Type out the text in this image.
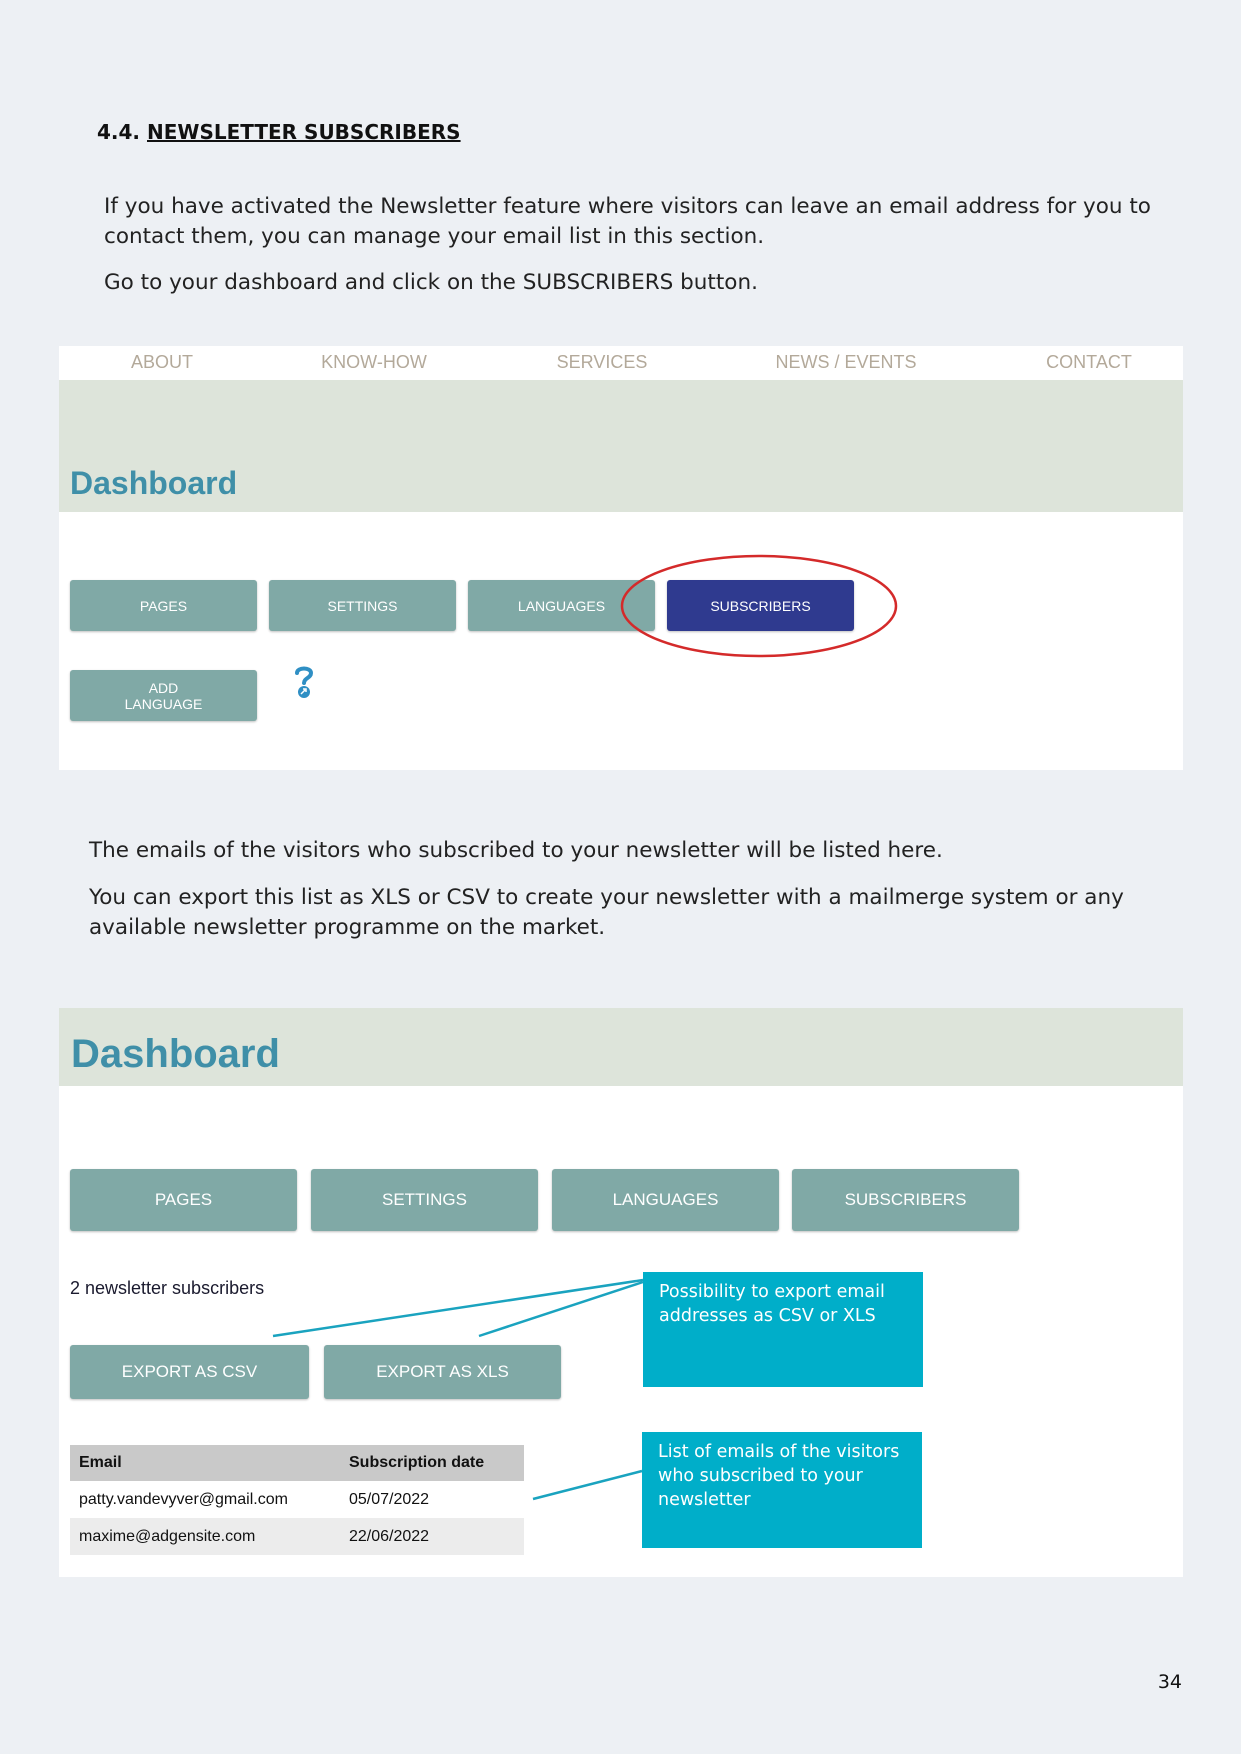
4.4. NEWSLETTER SUBSCRIBERS

If you have activated the Newsletter feature where visitors can leave an email address for you to contact them, you can manage your email list in this section.

Go to your dashboard and click on the SUBSCRIBERS button.

ABOUT	KNOW-HOW	SERVICES	NEWS / EVENTS	CONTACT
Dashboard
PAGES	SETTINGS	LANGUAGES	SUBSCRIBERS
ADD
LANGUAGE

The emails of the visitors who subscribed to your newsletter will be listed here.

You can export this list as XLS or CSV to create your newsletter with a mailmerge system or any available newsletter programme on the market.

Dashboard
PAGES	SETTINGS	LANGUAGES	SUBSCRIBERS
2 newsletter subscribers
EXPORT AS CSV	EXPORT AS XLS
Possibility to export email addresses as CSV or XLS
List of emails of the visitors who subscribed to your newsletter
Email	Subscription date
patty.vandevyver@gmail.com	05/07/2022
maxime@adgensite.com	22/06/2022
34
